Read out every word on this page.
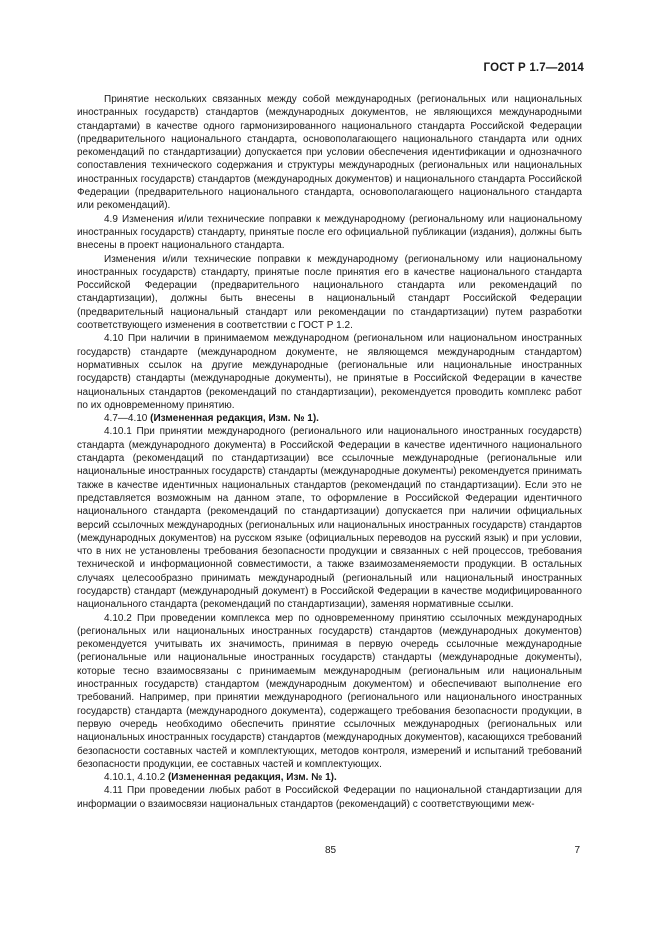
ГОСТ Р 1.7—2014

Принятие нескольких связанных между собой международных (региональных или национальных иностранных государств) стандартов (международных документов, не являющихся международными стандартами) в качестве одного гармонизированного национального стандарта Российской Федерации (предварительного национального стандарта, основополагающего национального стандарта или одних рекомендаций по стандартизации) допускается при условии обеспечения идентификации и однозначного сопоставления технического содержания и структуры международных (региональных или национальных иностранных государств) стандартов (международных документов) и национального стандарта Российской Федерации (предварительного национального стандарта, основополагающего национального стандарта или рекомендаций).

4.9 Изменения и/или технические поправки к международному (региональному или национальному иностранных государств) стандарту, принятые после его официальной публикации (издания), должны быть внесены в проект национального стандарта.

Изменения и/или технические поправки к международному (региональному или национальному иностранных государств) стандарту, принятые после принятия его в качестве национального стандарта Российской Федерации (предварительного национального стандарта или рекомендаций по стандартизации), должны быть внесены в национальный стандарт Российской Федерации (предварительный национальный стандарт или рекомендации по стандартизации) путем разработки соответствующего изменения в соответствии с ГОСТ Р 1.2.

4.10 При наличии в принимаемом международном (региональном или национальном иностранных государств) стандарте (международном документе, не являющемся международным стандартом) нормативных ссылок на другие международные (региональные или национальные иностранных государств) стандарты (международные документы), не принятые в Российской Федерации в качестве национальных стандартов (рекомендаций по стандартизации), рекомендуется проводить комплекс работ по их одновременному принятию.

4.7—4.10 (Измененная редакция, Изм. № 1).

4.10.1 При принятии международного (регионального или национального иностранных государств) стандарта (международного документа) в Российской Федерации в качестве идентичного национального стандарта (рекомендаций по стандартизации) все ссылочные международные (региональные или национальные иностранных государств) стандарты (международные документы) рекомендуется принимать также в качестве идентичных национальных стандартов (рекомендаций по стандартизации). Если это не представляется возможным на данном этапе, то оформление в Российской Федерации идентичного национального стандарта (рекомендаций по стандартизации) допускается при наличии официальных версий ссылочных международных (региональных или национальных иностранных государств) стандартов (международных документов) на русском языке (официальных переводов на русский язык) и при условии, что в них не установлены требования безопасности продукции и связанных с ней процессов, требования технической и информационной совместимости, а также взаимозаменяемости продукции. В остальных случаях целесообразно принимать международный (региональный или национальный иностранных государств) стандарт (международный документ) в Российской Федерации в качестве модифицированного национального стандарта (рекомендаций по стандартизации), заменяя нормативные ссылки.

4.10.2 При проведении комплекса мер по одновременному принятию ссылочных международных (региональных или национальных иностранных государств) стандартов (международных документов) рекомендуется учитывать их значимость, принимая в первую очередь ссылочные международные (региональные или национальные иностранных государств) стандарты (международные документы), которые тесно взаимосвязаны с принимаемым международным (региональным или национальным иностранных государств) стандартом (международным документом) и обеспечивают выполнение его требований. Например, при принятии международного (регионального или национального иностранных государств) стандарта (международного документа), содержащего требования безопасности продукции, в первую очередь необходимо обеспечить принятие ссылочных международных (региональных или национальных иностранных государств) стандартов (международных документов), касающихся требований безопасности составных частей и комплектующих, методов контроля, измерений и испытаний требований безопасности продукции, ее составных частей и комплектующих.

4.10.1, 4.10.2 (Измененная редакция, Изм. № 1).

4.11 При проведении любых работ в Российской Федерации по национальной стандартизации для информации о взаимосвязи национальных стандартов (рекомендаций) с соответствующими меж-

85	7
